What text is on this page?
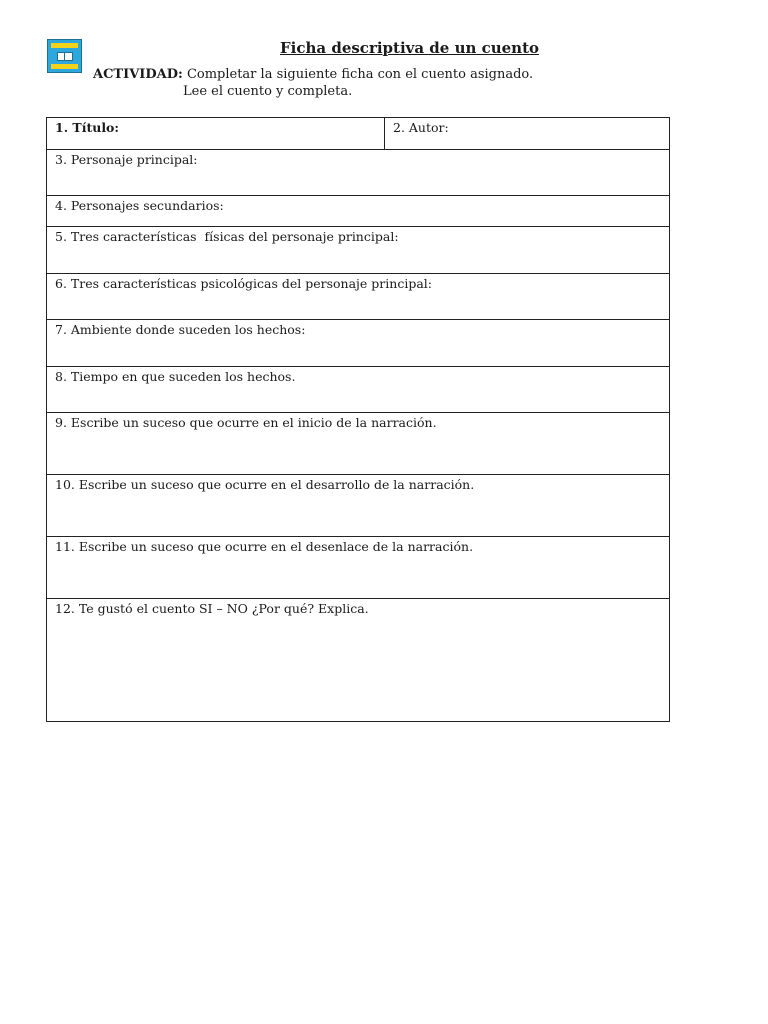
Ficha descriptiva de un cuento
ACTIVIDAD: Completar la siguiente ficha con el cuento asignado.
Lee el cuento y completa.
1. Título:	2. Autor:
3. Personaje principal:
4. Personajes secundarios:
5. Tres características  físicas del personaje principal:
6. Tres características psicológicas del personaje principal:
7. Ambiente donde suceden los hechos:
8. Tiempo en que suceden los hechos.
9. Escribe un suceso que ocurre en el inicio de la narración.
10. Escribe un suceso que ocurre en el desarrollo de la narración.
11. Escribe un suceso que ocurre en el desenlace de la narración.
12. Te gustó el cuento SI – NO ¿Por qué? Explica.
